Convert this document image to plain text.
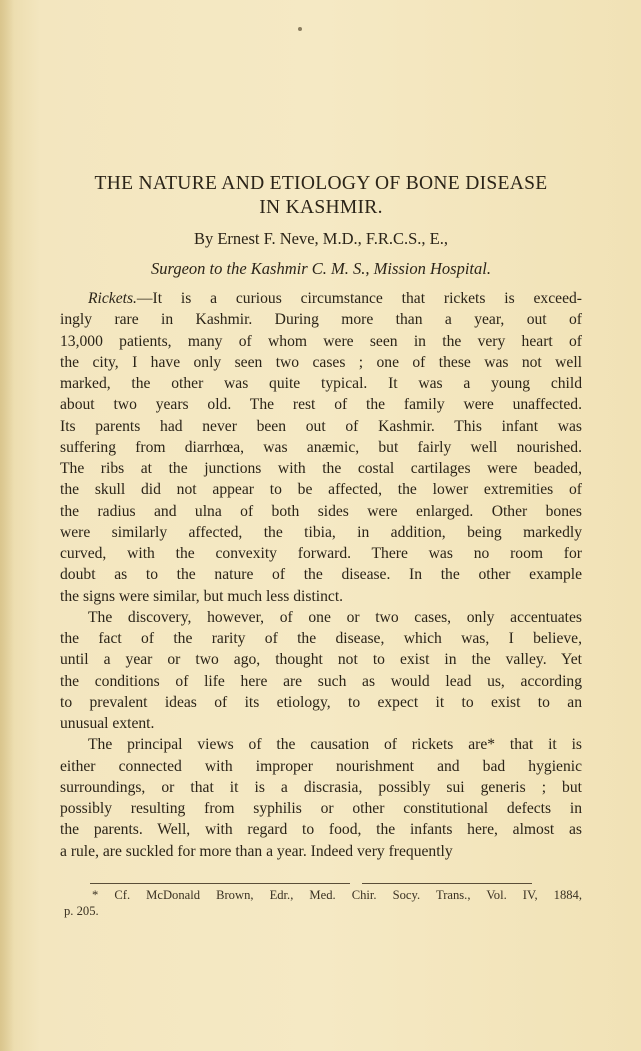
THE NATURE AND ETIOLOGY OF BONE DISEASE
IN KASHMIR.

By Ernest F. Neve, M.D., F.R.C.S., E.,

Surgeon to the Kashmir C. M. S., Mission Hospital.

Rickets.—It is a curious circumstance that rickets is exceed-
ingly rare in Kashmir. During more than a year, out of
13,000 patients, many of whom were seen in the very heart of
the city, I have only seen two cases ; one of these was not well
marked, the other was quite typical. It was a young child
about two years old. The rest of the family were unaffected.
Its parents had never been out of Kashmir. This infant was
suffering from diarrhœa, was anæmic, but fairly well nourished.
The ribs at the junctions with the costal cartilages were beaded,
the skull did not appear to be affected, the lower extremities of
the radius and ulna of both sides were enlarged. Other bones
were similarly affected, the tibia, in addition, being markedly
curved, with the convexity forward. There was no room for
doubt as to the nature of the disease. In the other example
the signs were similar, but much less distinct.
The discovery, however, of one or two cases, only accentuates
the fact of the rarity of the disease, which was, I believe,
until a year or two ago, thought not to exist in the valley. Yet
the conditions of life here are such as would lead us, according
to prevalent ideas of its etiology, to expect it to exist to an
unusual extent.
The principal views of the causation of rickets are* that it is
either connected with improper nourishment and bad hygienic
surroundings, or that it is a discrasia, possibly sui generis ; but
possibly resulting from syphilis or other constitutional defects in
the parents. Well, with regard to food, the infants here, almost as
a rule, are suckled for more than a year. Indeed very frequently
* Cf. McDonald Brown, Edr., Med. Chir. Socy. Trans., Vol. IV, 1884,
p. 205.
